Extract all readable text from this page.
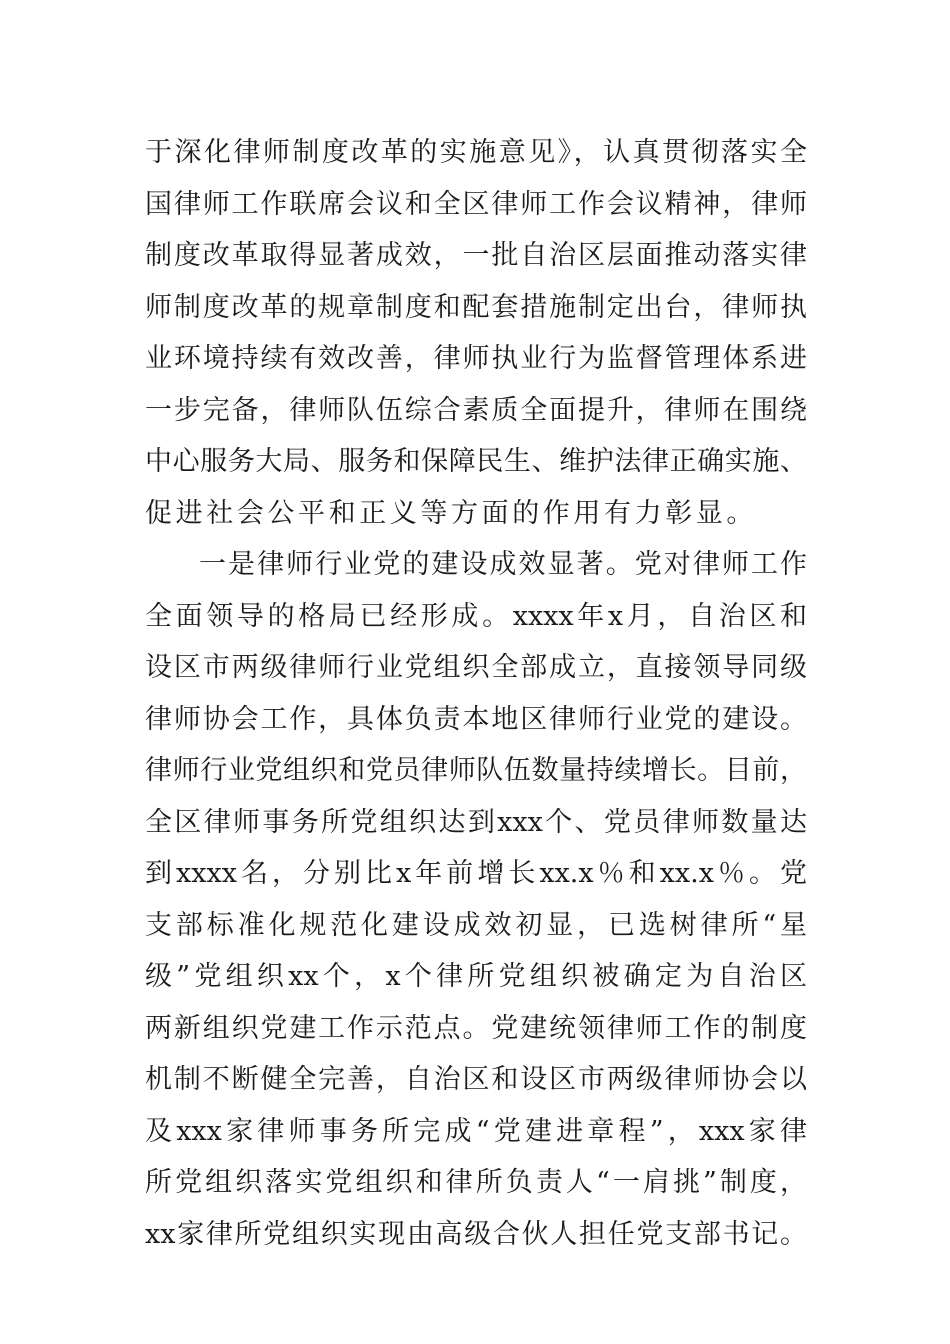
于深化律师制度改革的实施意见》，认真贯彻落实全
国律师工作联席会议和全区律师工作会议精神，律师
制度改革取得显著成效，一批自治区层面推动落实律
师制度改革的规章制度和配套措施制定出台，律师执
业环境持续有效改善，律师执业行为监督管理体系进
一步完备，律师队伍综合素质全面提升，律师在围绕
中心服务大局、服务和保障民生、维护法律正确实施、
促进社会公平和正义等方面的作用有力彰显。
一是律师行业党的建设成效显著。党对律师工作
全面领导的格局已经形成。xxxx年x月，自治区和
设区市两级律师行业党组织全部成立，直接领导同级
律师协会工作，具体负责本地区律师行业党的建设。
律师行业党组织和党员律师队伍数量持续增长。目前，
全区律师事务所党组织达到xxx个、党员律师数量达
到xxxx名，分别比x年前增长xx.x％和xx.x％。党
支部标准化规范化建设成效初显，已选树律所“星
级”党组织xx个，x个律所党组织被确定为自治区
两新组织党建工作示范点。党建统领律师工作的制度
机制不断健全完善，自治区和设区市两级律师协会以
及xxx家律师事务所完成“党建进章程”，xxx家律
所党组织落实党组织和律所负责人“一肩挑”制度，
xx家律所党组织实现由高级合伙人担任党支部书记。
